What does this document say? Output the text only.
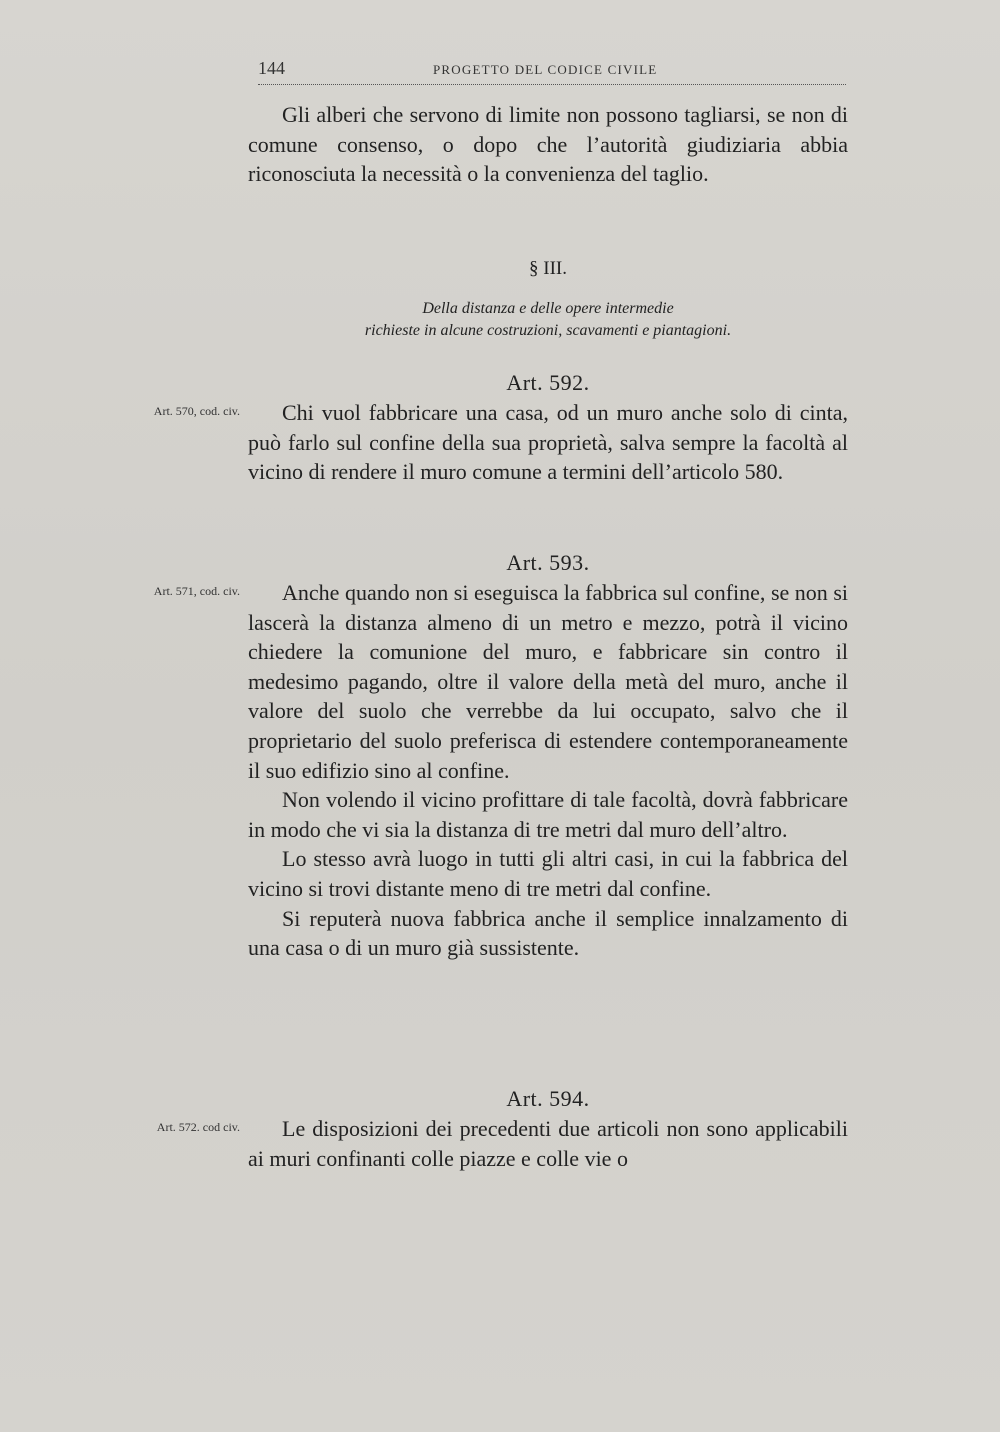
144	PROGETTO DEL CODICE CIVILE

Gli alberi che servono di limite non possono tagliarsi, se non di comune consenso, o dopo che l’autorità giudiziaria abbia riconosciuta la necessità o la convenienza del taglio.

§ III.
Della distanza e delle opere intermedie
richieste in alcune costruzioni, scavamenti e piantagioni.
Art. 592.
Art. 570, cod. civ.	Chi vuol fabbricare una casa, od un muro anche solo di cinta, può farlo sul confine della sua proprietà, salva sempre la facoltà al vicino di rendere il muro comune a termini dell’articolo 580.

Art. 593.
Art. 571, cod. civ.	Anche quando non si eseguisca la fabbrica sul confine, se non si lascerà la distanza almeno di un metro e mezzo, potrà il vicino chiedere la comunione del muro, e fabbricare sin contro il medesimo pagando, oltre il valore della metà del muro, anche il valore del suolo che verrebbe da lui occupato, salvo che il proprietario del suolo preferisca di estendere contemporaneamente il suo edifizio sino al confine.

Non volendo il vicino profittare di tale facoltà, dovrà fabbricare in modo che vi sia la distanza di tre metri dal muro dell’altro.

Lo stesso avrà luogo in tutti gli altri casi, in cui la fabbrica del vicino si trovi distante meno di tre metri dal confine.

Si reputerà nuova fabbrica anche il semplice innalzamento di una casa o di un muro già sussistente.

Art. 594.
Art. 572. cod civ.	Le disposizioni dei precedenti due articoli non sono applicabili ai muri confinanti colle piazze e colle vie o
